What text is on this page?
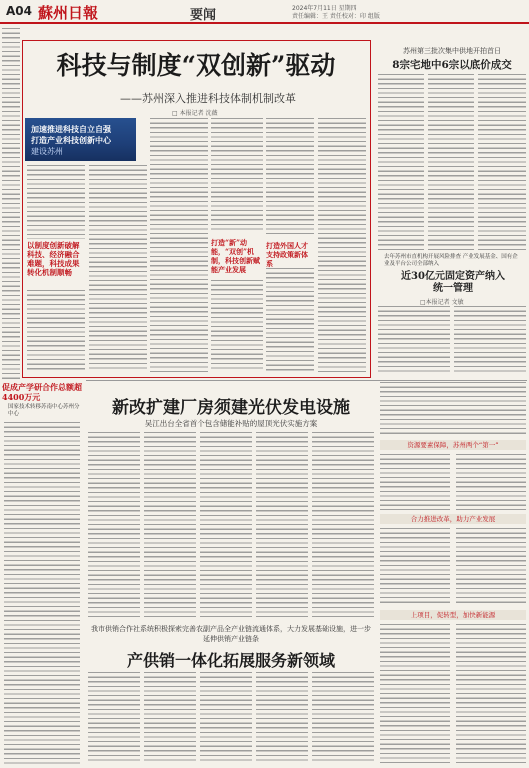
A04 蘇州日報	要闻	2024年7月11日 星期四
责任编辑：王 责任校对：印 组版
科技与制度“双创新”驱动
——苏州深入推进科技体制机制改革
□ 本报记者 沈薇
加速推进科技自立自强
打造产业科技创新中心
建设苏州
以制度创新破解科技、经济融合难题，科技成果转化机制顺畅
打造“新”动能，“双创”机制，科技创新赋能产业发展
打造外国人才支持政策新体系
苏州第三批次集中供地开拍首日
8宗宅地中6宗以底价成交
去年苏州市直机构开展风险排查 产业发展基金、国有企业及平台公司全部纳入
近30亿元固定资产纳入统一管理
□本报记者 文敏
促成产学研合作总额超4400万元
国家技术转移苏南中心苏州分中心	新改扩建厂房须建光伏发电设施
吴江出台全省首个包含储能补贴的屋顶光伏实施方案
资源要素保障，苏州两个“第一”
合力推进改革，助力产业发展
上项目，促转型，加快新能源
我市供销合作社系统积极探索完善农副产品全产业链流通体系，大力发展基础设施，进一步延伸供销产业链条
产供销一体化拓展服务新领域
